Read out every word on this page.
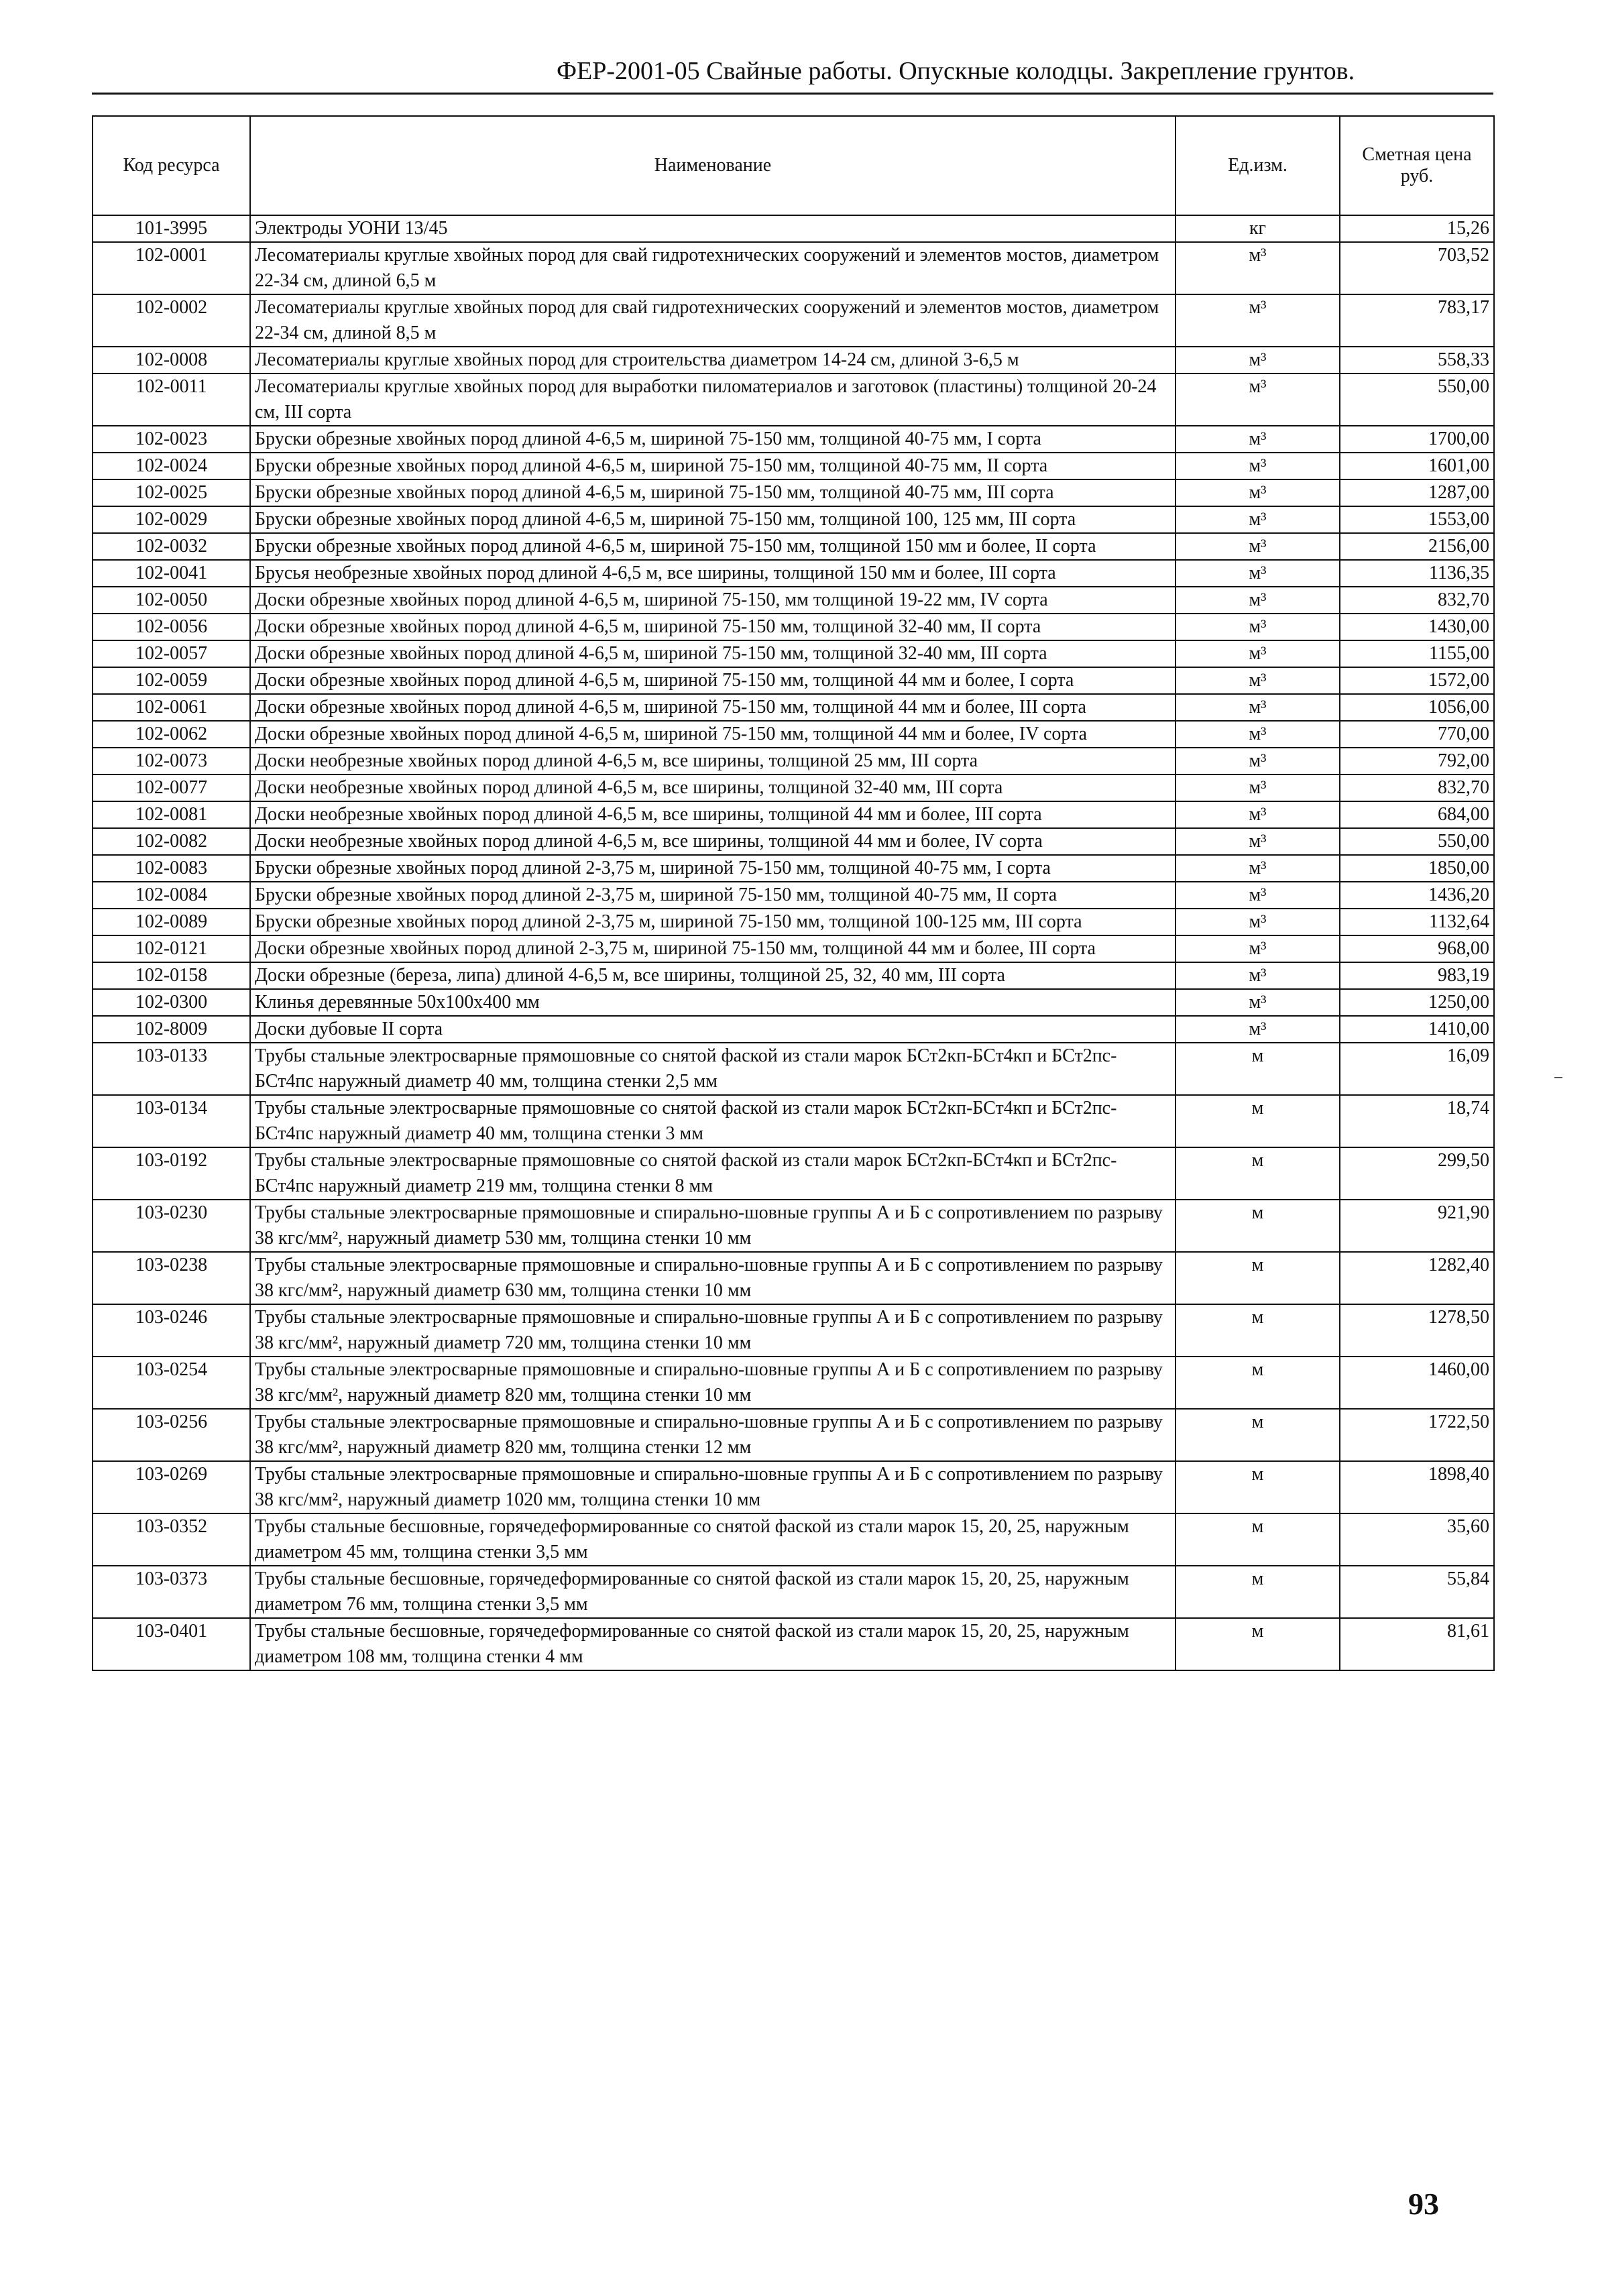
ФЕР-2001-05 Свайные работы. Опускные колодцы. Закрепление грунтов.
Код ресурса	Наименование	Ед.изм.	Сметная цена руб.
101-3995	Электроды УОНИ 13/45	кг	15,26
102-0001	Лесоматериалы круглые хвойных пород для свай гидротехнических сооружений и элементов мостов, диаметром 22-34 см, длиной 6,5 м	м³	703,52
102-0002	Лесоматериалы круглые хвойных пород для свай гидротехнических сооружений и элементов мостов, диаметром 22-34 см, длиной 8,5 м	м³	783,17
102-0008	Лесоматериалы круглые хвойных пород для строительства диаметром 14-24 см, длиной 3-6,5 м	м³	558,33
102-0011	Лесоматериалы круглые хвойных пород для выработки пиломатериалов и заготовок (пластины) толщиной 20-24 см, III сорта	м³	550,00
102-0023	Бруски обрезные хвойных пород длиной 4-6,5 м, шириной 75-150 мм, толщиной 40-75 мм, I сорта	м³	1700,00
102-0024	Бруски обрезные хвойных пород длиной 4-6,5 м, шириной 75-150 мм, толщиной 40-75 мм, II сорта	м³	1601,00
102-0025	Бруски обрезные хвойных пород длиной 4-6,5 м, шириной 75-150 мм, толщиной 40-75 мм, III сорта	м³	1287,00
102-0029	Бруски обрезные хвойных пород длиной 4-6,5 м, шириной 75-150 мм, толщиной 100, 125 мм, III сорта	м³	1553,00
102-0032	Бруски обрезные хвойных пород длиной 4-6,5 м, шириной 75-150 мм, толщиной 150 мм и более, II сорта	м³	2156,00
102-0041	Брусья необрезные хвойных пород длиной 4-6,5 м, все ширины, толщиной 150 мм и более, III сорта	м³	1136,35
102-0050	Доски обрезные хвойных пород длиной 4-6,5 м, шириной 75-150, мм толщиной 19-22 мм, IV сорта	м³	832,70
102-0056	Доски обрезные хвойных пород длиной 4-6,5 м, шириной 75-150 мм, толщиной 32-40 мм, II сорта	м³	1430,00
102-0057	Доски обрезные хвойных пород длиной 4-6,5 м, шириной 75-150 мм, толщиной 32-40 мм, III сорта	м³	1155,00
102-0059	Доски обрезные хвойных пород длиной 4-6,5 м, шириной 75-150 мм, толщиной 44 мм и более, I сорта	м³	1572,00
102-0061	Доски обрезные хвойных пород длиной 4-6,5 м, шириной 75-150 мм, толщиной 44 мм и более, III сорта	м³	1056,00
102-0062	Доски обрезные хвойных пород длиной 4-6,5 м, шириной 75-150 мм, толщиной 44 мм и более, IV сорта	м³	770,00
102-0073	Доски необрезные хвойных пород длиной 4-6,5 м, все ширины, толщиной 25 мм, III сорта	м³	792,00
102-0077	Доски необрезные хвойных пород длиной 4-6,5 м, все ширины, толщиной 32-40 мм, III сорта	м³	832,70
102-0081	Доски необрезные хвойных пород длиной 4-6,5 м, все ширины, толщиной 44 мм и более, III сорта	м³	684,00
102-0082	Доски необрезные хвойных пород длиной 4-6,5 м, все ширины, толщиной 44 мм и более, IV сорта	м³	550,00
102-0083	Бруски обрезные хвойных пород длиной 2-3,75 м, шириной 75-150 мм, толщиной 40-75 мм, I сорта	м³	1850,00
102-0084	Бруски обрезные хвойных пород длиной 2-3,75 м, шириной 75-150 мм, толщиной 40-75 мм, II сорта	м³	1436,20
102-0089	Бруски обрезные хвойных пород длиной 2-3,75 м, шириной 75-150 мм, толщиной 100-125 мм, III сорта	м³	1132,64
102-0121	Доски обрезные хвойных пород длиной 2-3,75 м, шириной 75-150 мм, толщиной 44 мм и более, III сорта	м³	968,00
102-0158	Доски обрезные (береза, липа) длиной 4-6,5 м, все ширины, толщиной 25, 32, 40 мм, III сорта	м³	983,19
102-0300	Клинья деревянные 50х100х400 мм	м³	1250,00
102-8009	Доски дубовые II сорта	м³	1410,00
103-0133	Трубы стальные электросварные прямошовные со снятой фаской из стали марок БСт2кп-БСт4кп и БСт2пс-БСт4пс наружный диаметр 40 мм, толщина стенки 2,5 мм	м	16,09
103-0134	Трубы стальные электросварные прямошовные со снятой фаской из стали марок БСт2кп-БСт4кп и БСт2пс-БСт4пс наружный диаметр 40 мм, толщина стенки 3 мм	м	18,74
103-0192	Трубы стальные электросварные прямошовные со снятой фаской из стали марок БСт2кп-БСт4кп и БСт2пс-БСт4пс наружный диаметр 219 мм, толщина стенки 8 мм	м	299,50
103-0230	Трубы стальные электросварные прямошовные и спирально-шовные группы А и Б с сопротивлением по разрыву 38 кгс/мм², наружный диаметр 530 мм, толщина стенки 10 мм	м	921,90
103-0238	Трубы стальные электросварные прямошовные и спирально-шовные группы А и Б с сопротивлением по разрыву 38 кгс/мм², наружный диаметр 630 мм, толщина стенки 10 мм	м	1282,40
103-0246	Трубы стальные электросварные прямошовные и спирально-шовные группы А и Б с сопротивлением по разрыву 38 кгс/мм², наружный диаметр 720 мм, толщина стенки 10 мм	м	1278,50
103-0254	Трубы стальные электросварные прямошовные и спирально-шовные группы А и Б с сопротивлением по разрыву 38 кгс/мм², наружный диаметр 820 мм, толщина стенки 10 мм	м	1460,00
103-0256	Трубы стальные электросварные прямошовные и спирально-шовные группы А и Б с сопротивлением по разрыву 38 кгс/мм², наружный диаметр 820 мм, толщина стенки 12 мм	м	1722,50
103-0269	Трубы стальные электросварные прямошовные и спирально-шовные группы А и Б с сопротивлением по разрыву 38 кгс/мм², наружный диаметр 1020 мм, толщина стенки 10 мм	м	1898,40
103-0352	Трубы стальные бесшовные, горячедеформированные со снятой фаской из стали марок 15, 20, 25, наружным диаметром 45 мм, толщина стенки 3,5 мм	м	35,60
103-0373	Трубы стальные бесшовные, горячедеформированные со снятой фаской из стали марок 15, 20, 25, наружным диаметром 76 мм, толщина стенки 3,5 мм	м	55,84
103-0401	Трубы стальные бесшовные, горячедеформированные со снятой фаской из стали марок 15, 20, 25, наружным диаметром 108 мм, толщина стенки 4 мм	м	81,61
93
